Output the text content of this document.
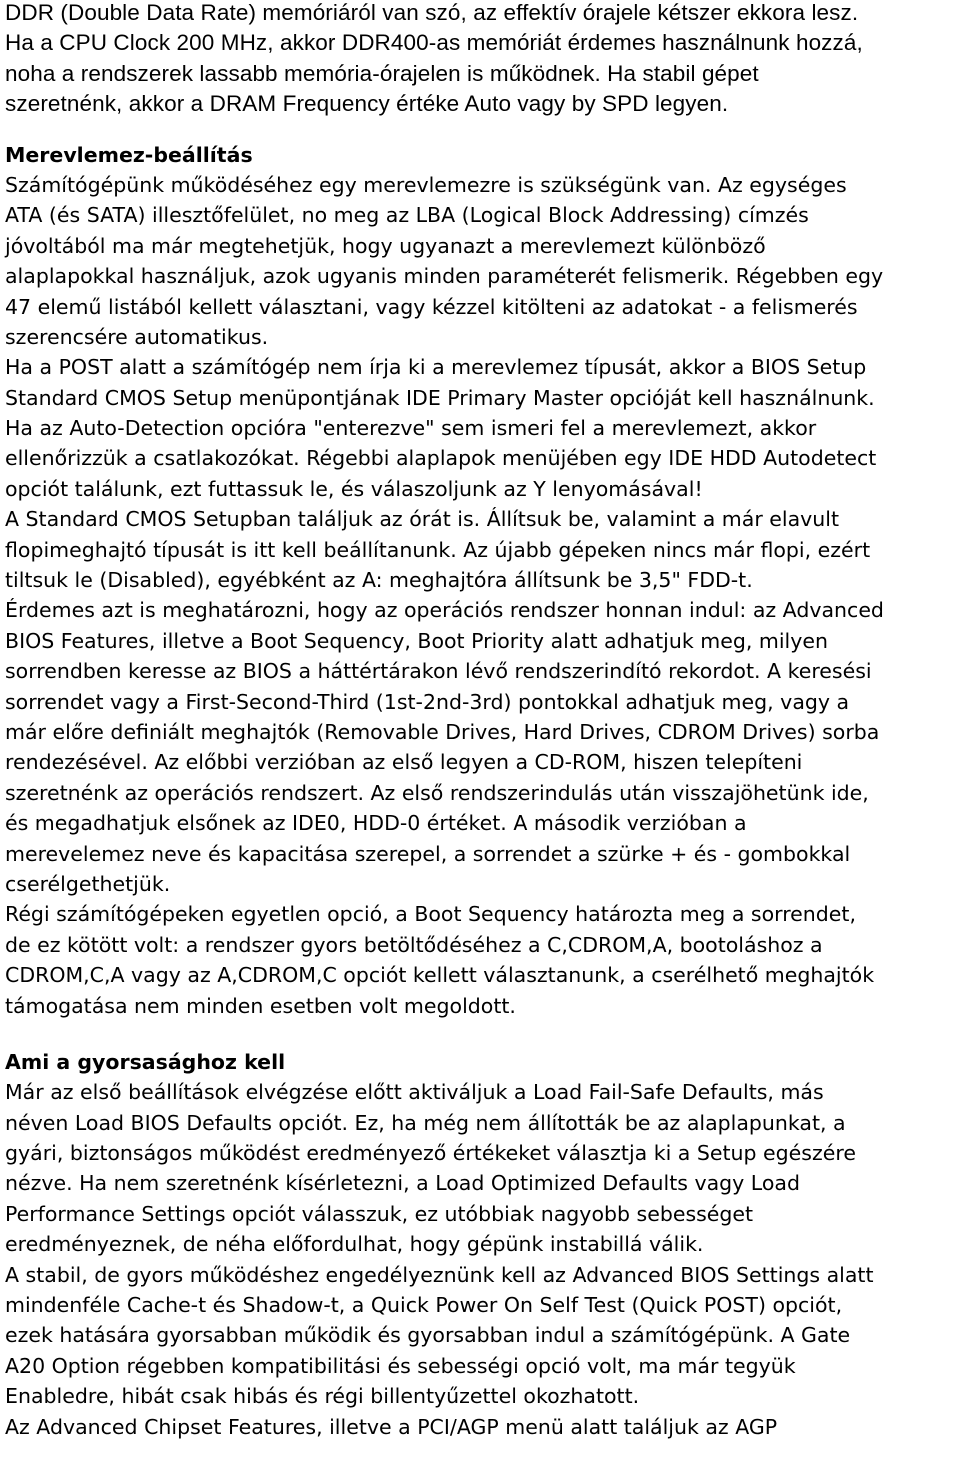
DDR (Double Data Rate) memóriáról van szó, az effektív órajele kétszer ekkora lesz.
Ha a CPU Clock 200 MHz, akkor DDR400-as memóriát érdemes használnunk hozzá,
noha a rendszerek lassabb memória-órajelen is működnek. Ha stabil gépet
szeretnénk, akkor a DRAM Frequency értéke Auto vagy by SPD legyen.
Merevlemez-beállítás
Számítógépünk működéséhez egy merevlemezre is szükségünk van. Az egységes
ATA (és SATA) illesztőfelület, no meg az LBA (Logical Block Addressing) címzés
jóvoltából ma már megtehetjük, hogy ugyanazt a merevlemezt különböző
alaplapokkal használjuk, azok ugyanis minden paraméterét felismerik. Régebben egy
47 elemű listából kellett választani, vagy kézzel kitölteni az adatokat - a felismerés
szerencsére automatikus.
Ha a POST alatt a számítógép nem írja ki a merevlemez típusát, akkor a BIOS Setup
Standard CMOS Setup menüpontjának IDE Primary Master opcióját kell használnunk.
Ha az Auto-Detection opcióra "enterezve" sem ismeri fel a merevlemezt, akkor
ellenőrizzük a csatlakozókat. Régebbi alaplapok menüjében egy IDE HDD Autodetect
opciót találunk, ezt futtassuk le, és válaszoljunk az Y lenyomásával!
A Standard CMOS Setupban találjuk az órát is. Állítsuk be, valamint a már elavult
flopimeghajtó típusát is itt kell beállítanunk. Az újabb gépeken nincs már flopi, ezért
tiltsuk le (Disabled), egyébként az A: meghajtóra állítsunk be 3,5" FDD-t.
Érdemes azt is meghatározni, hogy az operációs rendszer honnan indul: az Advanced
BIOS Features, illetve a Boot Sequency, Boot Priority alatt adhatjuk meg, milyen
sorrendben keresse az BIOS a háttértárakon lévő rendszerindító rekordot. A keresési
sorrendet vagy a First-Second-Third (1st-2nd-3rd) pontokkal adhatjuk meg, vagy a
már előre definiált meghajtók (Removable Drives, Hard Drives, CDROM Drives) sorba
rendezésével. Az előbbi verzióban az első legyen a CD-ROM, hiszen telepíteni
szeretnénk az operációs rendszert. Az első rendszerindulás után visszajöhetünk ide,
és megadhatjuk elsőnek az IDE0, HDD-0 értéket. A második verzióban a
merevelemez neve és kapacitása szerepel, a sorrendet a szürke + és - gombokkal
cserélgethetjük.
Régi számítógépeken egyetlen opció, a Boot Sequency határozta meg a sorrendet,
de ez kötött volt: a rendszer gyors betöltődéséhez a C,CDROM,A, bootoláshoz a
CDROM,C,A vagy az A,CDROM,C opciót kellett választanunk, a cserélhető meghajtók
támogatása nem minden esetben volt megoldott.
Ami a gyorsasághoz kell
Már az első beállítások elvégzése előtt aktiváljuk a Load Fail-Safe Defaults, más
néven Load BIOS Defaults opciót. Ez, ha még nem állították be az alaplapunkat, a
gyári, biztonságos működést eredményező értékeket választja ki a Setup egészére
nézve. Ha nem szeretnénk kísérletezni, a Load Optimized Defaults vagy Load
Performance Settings opciót válasszuk, ez utóbbiak nagyobb sebességet
eredményeznek, de néha előfordulhat, hogy gépünk instabillá válik.
A stabil, de gyors működéshez engedélyeznünk kell az Advanced BIOS Settings alatt
mindenféle Cache-t és Shadow-t, a Quick Power On Self Test (Quick POST) opciót,
ezek hatására gyorsabban működik és gyorsabban indul a számítógépünk. A Gate
A20 Option régebben kompatibilitási és sebességi opció volt, ma már tegyük
Enabledre, hibát csak hibás és régi billentyűzettel okozhatott.
Az Advanced Chipset Features, illetve a PCI/AGP menü alatt találjuk az AGP
